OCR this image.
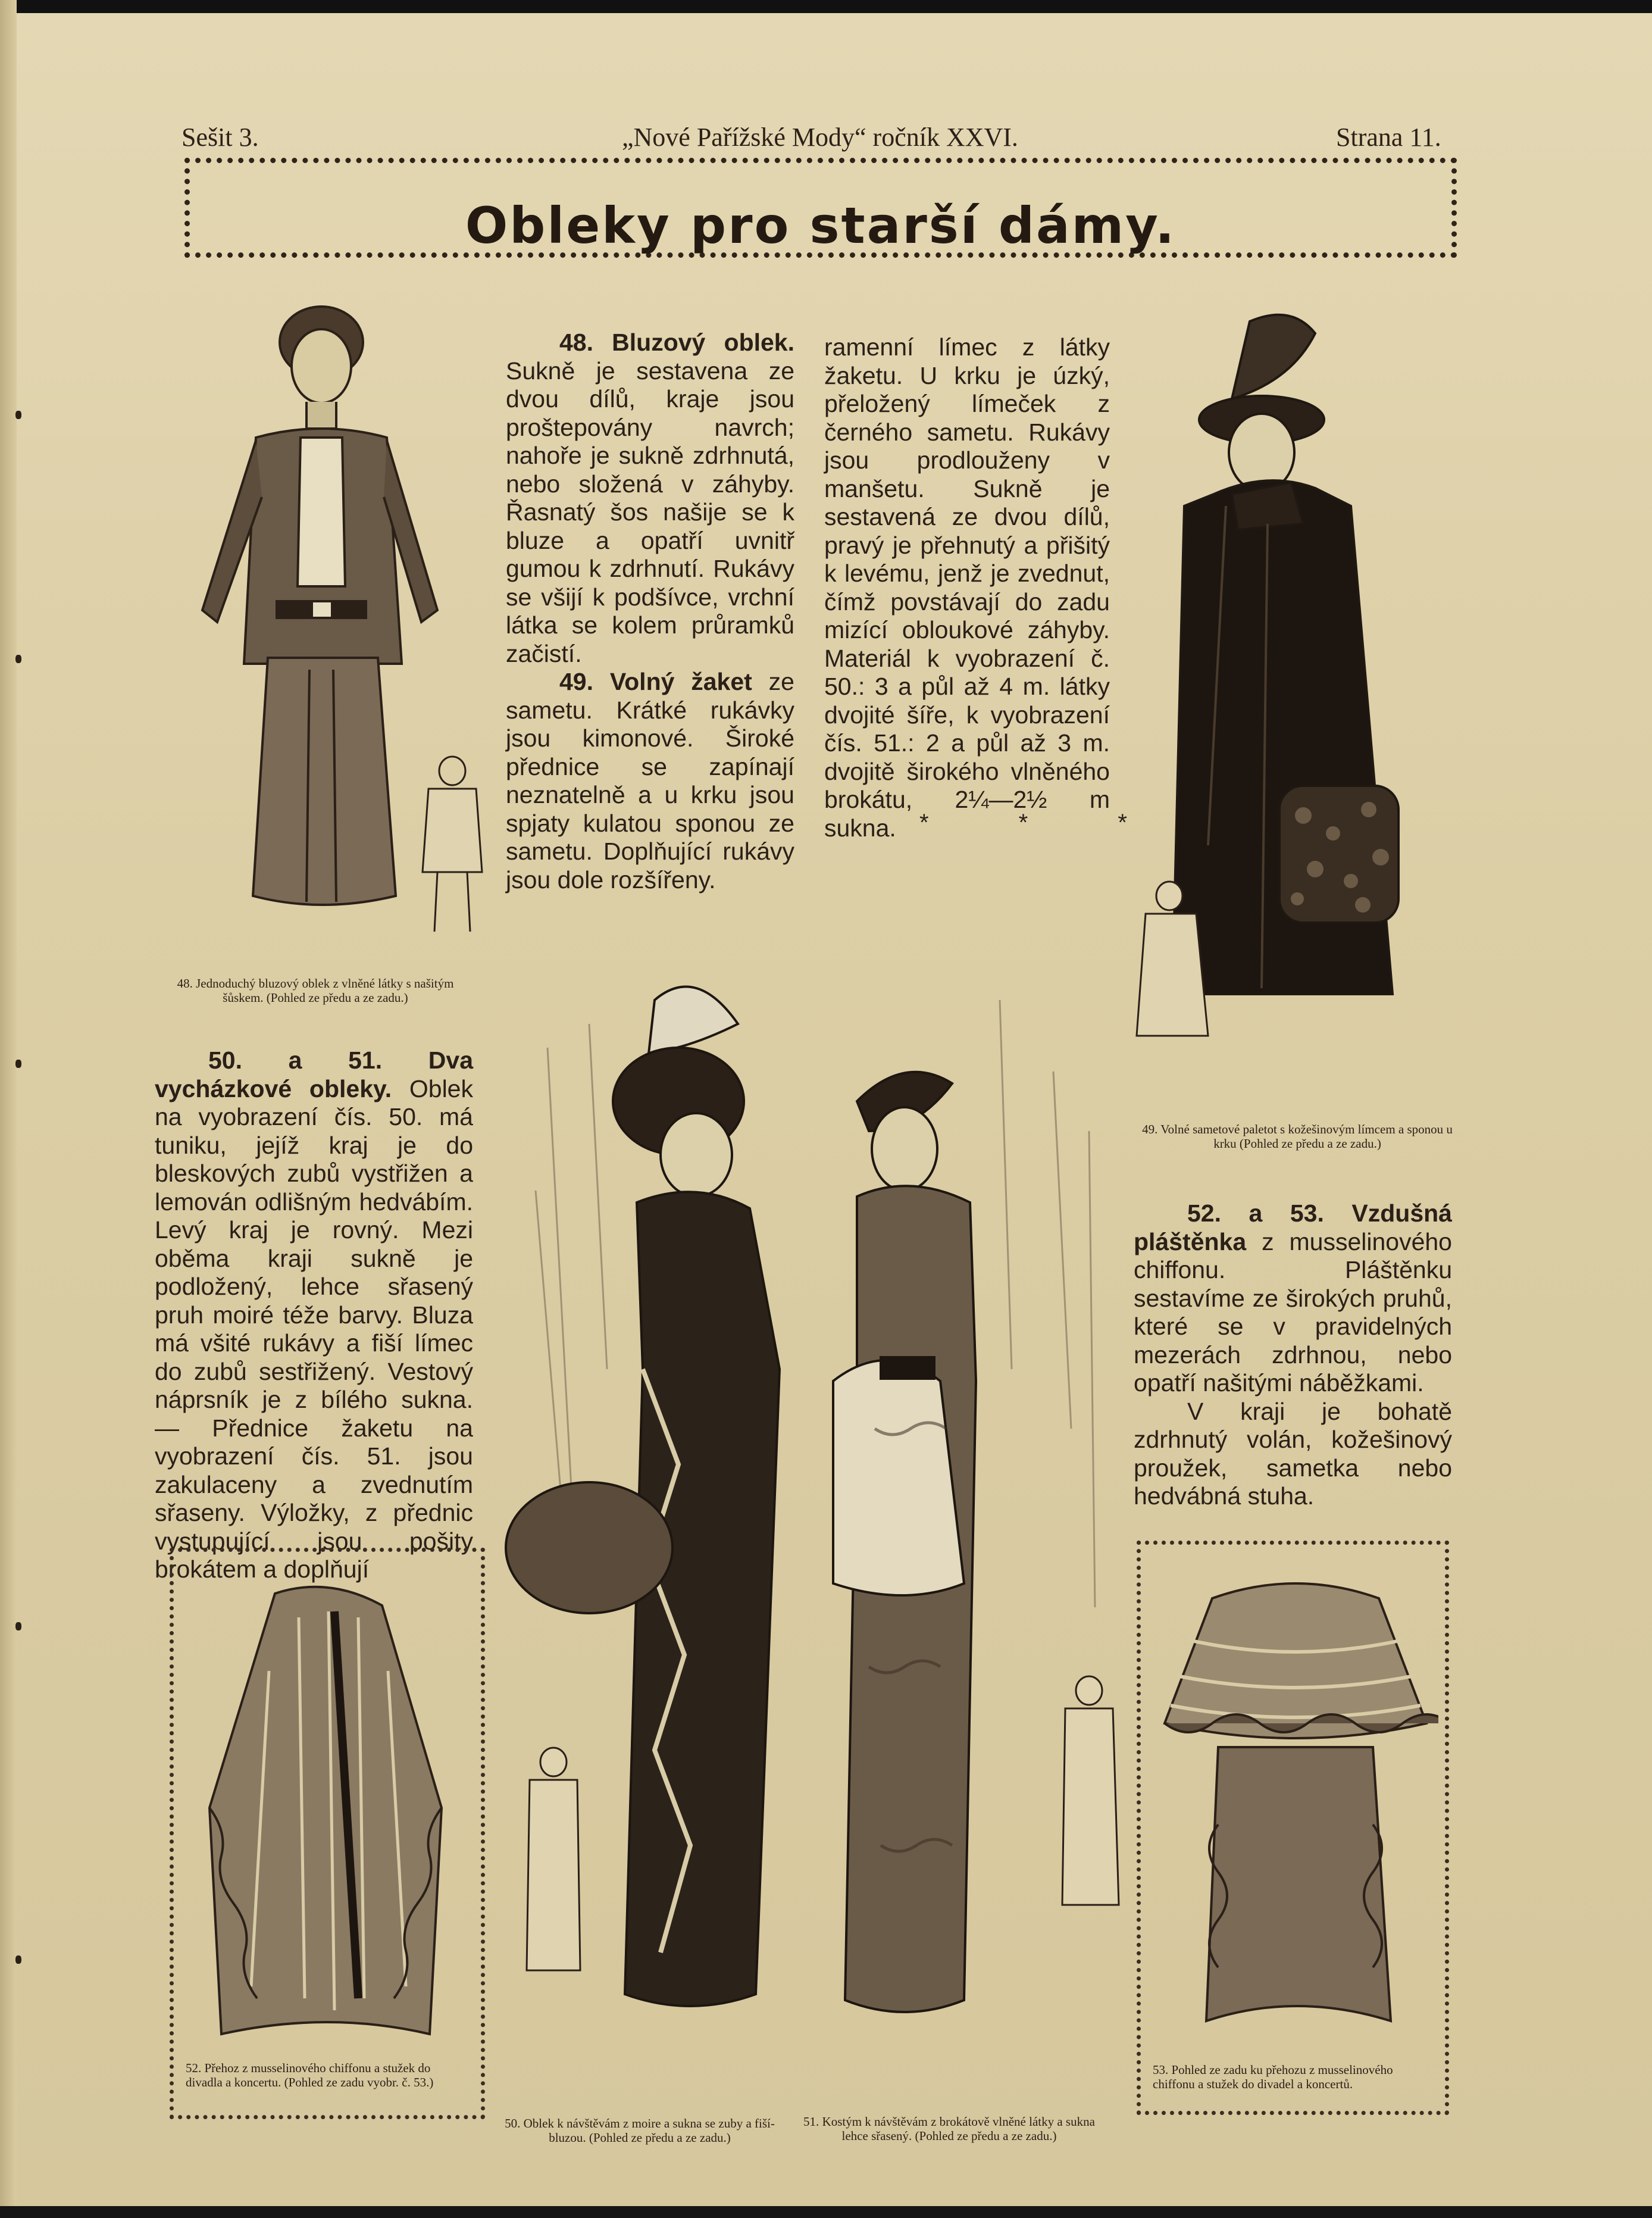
Sešit 3.	„Nové Pařížské Mody“ ročník XXVI.	Strana 11.
Obleky pro starší dámy.
48. Jednoduchý bluzový oblek z vlněné látky s našitým šůskem. (Pohled ze předu a ze zadu.)

48. Bluzový oblek. Sukně je sestavena ze dvou dílů, kraje jsou proštepovány navrch; nahoře je sukně zdrhnutá, nebo složená v záhyby. Řasnatý šos našije se k bluze a opatří uvnitř gumou k zdrhnutí. Rukávy se všijí k podšívce, vrchní látka se kolem průramků začistí.

49. Volný žaket ze sametu. Krátké rukávky jsou kimonové. Široké přednice se zapínají neznatelně a u krku jsou spjaty kulatou sponou ze sametu. Doplňující rukávy jsou dole rozšířeny.

ramenní límec z látky žaketu. U krku je úzký, přeložený límeček z černého sametu. Rukávy jsou prodlouženy v manšetu. Sukně je sestavená ze dvou dílů, pravý je přehnutý a přišitý k levému, jenž je zvednut, čímž povstávají do zadu mizící obloukové záhyby. Materiál k vyobrazení č. 50.: 3 a půl až 4 m. látky dvojité šíře, k vyobrazení čís. 51.: 2 a půl až 3 m. dvojitě širokého vlněného brokátu, 2¼—2½ m sukna. * * *
49. Volné sametové paletot s kožešinovým límcem a sponou u krku (Pohled ze předu a ze zadu.)

50. a 51. Dva vycházkové obleky. Oblek na vyobrazení čís. 50. má tuniku, jejíž kraj je do bleskových zubů vystřižen a lemován odlišným hedvábím. Levý kraj je rovný. Mezi oběma kraji sukně je podložený, lehce sřasený pruh moiré téže barvy. Bluza má všité rukávy a fiší límec do zubů sestřižený. Vestový náprsník je z bílého sukna. — Přednice žaketu na vyobrazení čís. 51. jsou zakulaceny a zvednutím sřaseny. Výložky, z přednic vystupující jsou pošity brokátem a doplňují

50. Oblek k návštěvám z moire a sukna se zuby a fiší-bluzou. (Pohled ze předu a ze zadu.)
51. Kostým k návštěvám z brokátově vlněné látky a sukna lehce sřasený. (Pohled ze předu a ze zadu.)

52. a 53. Vzdušná pláštěnka z musselinového chiffonu. Pláštěnku sestavíme ze širokých pruhů, které se v pravidelných mezerách zdrhnou, nebo opatří našitými náběžkami.

V kraji je bohatě zdrhnutý volán, kožešinový proužek, sametka nebo hedvábná stuha.

52. Přehoz z musselinového chiffonu a stužek do divadla a koncertu. (Pohled ze zadu vyobr. č. 53.)
53. Pohled ze zadu ku přehozu z musselinového chiffonu a stužek do divadel a koncertů.
